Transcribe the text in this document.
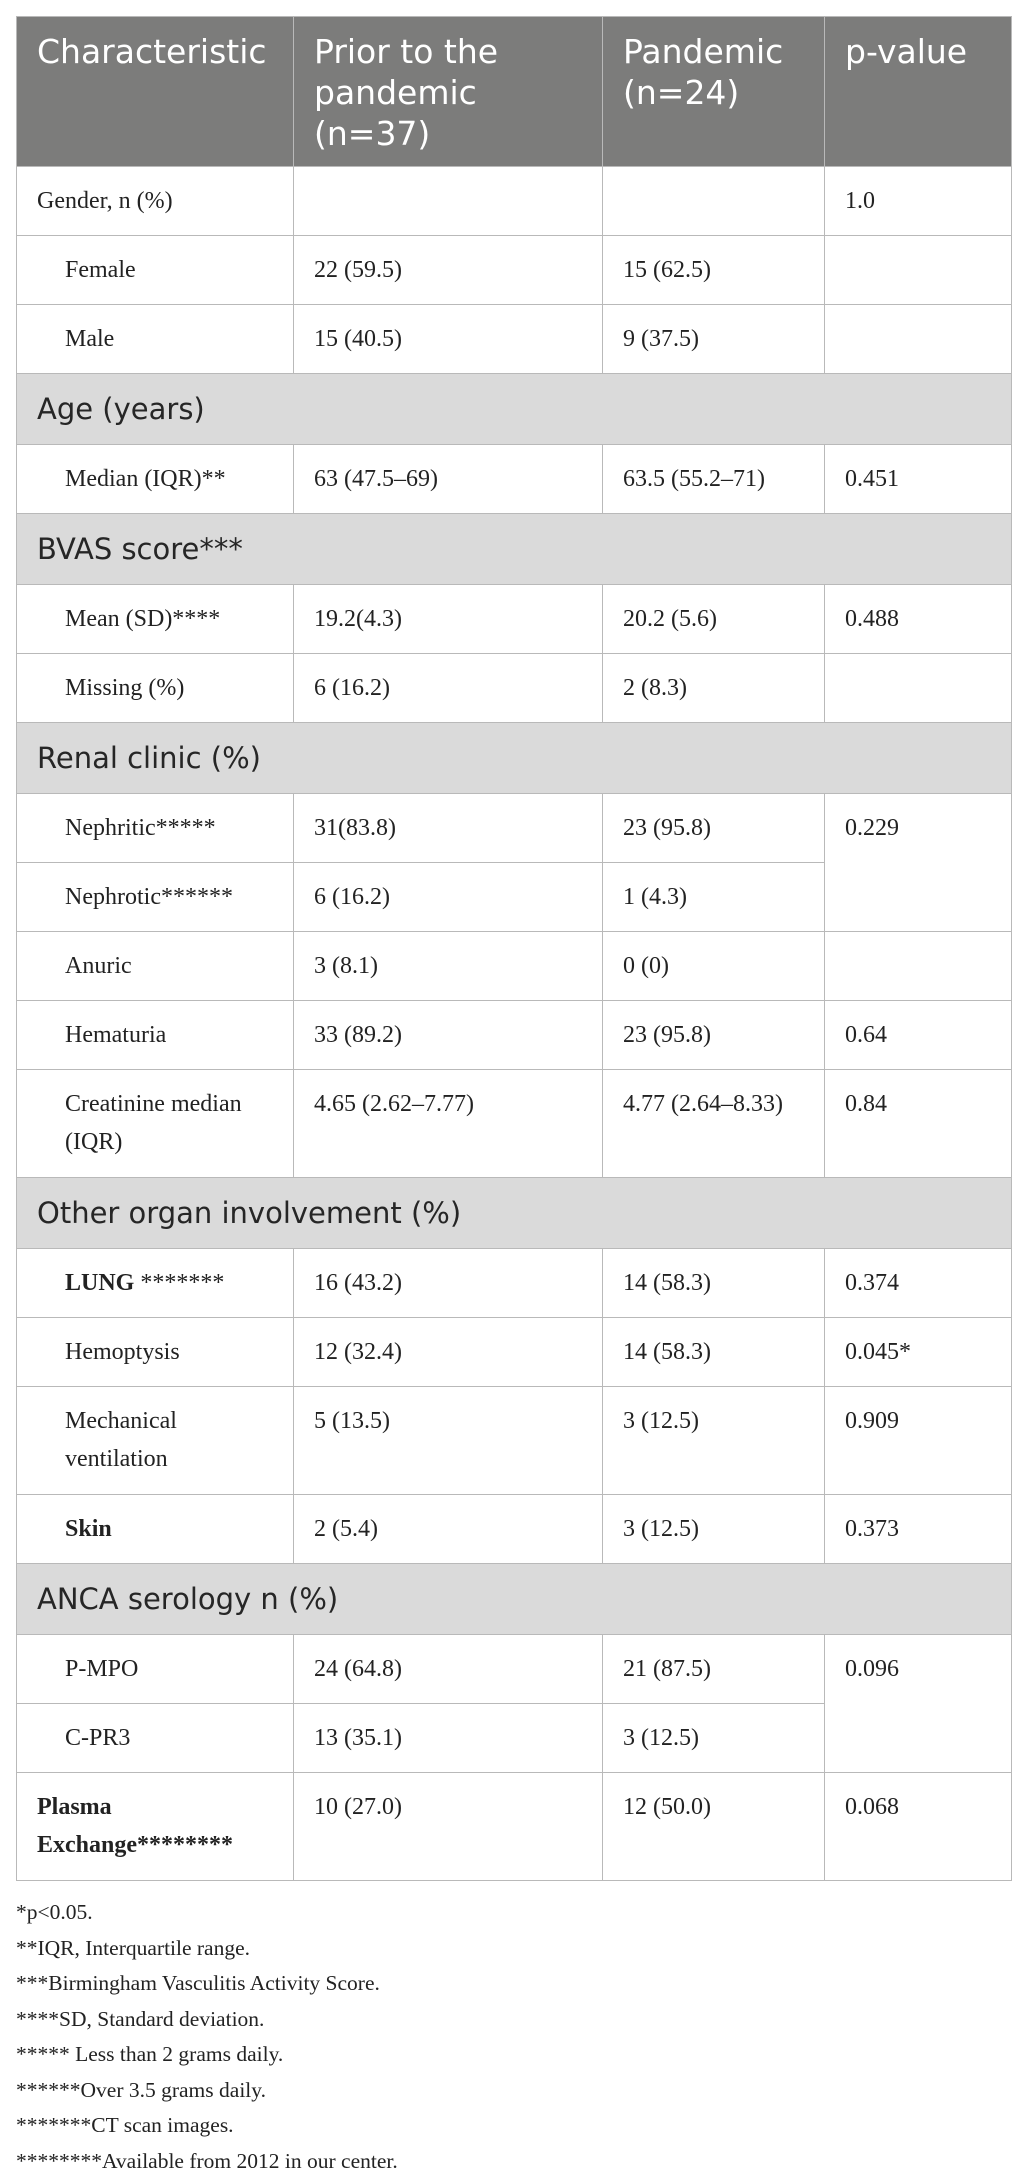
Characteristic	Prior to the pandemic (n=37)	Pandemic (n=24)	p-value
Gender, n (%)			1.0
Female	22 (59.5)	15 (62.5)	
Male	15 (40.5)	9 (37.5)	
Age (years)			
Median (IQR)**	63 (47.5–69)	63.5 (55.2–71)	0.451
BVAS score***			
Mean (SD)****	19.2(4.3)	20.2 (5.6)	0.488
Missing (%)	6 (16.2)	2 (8.3)	
Renal clinic (%)			
Nephritic*****	31(83.8)	23 (95.8)	0.229
Nephrotic******	6 (16.2)	1 (4.3)	
Anuric	3 (8.1)	0 (0)	
Hematuria	33 (89.2)	23 (95.8)	0.64
Creatinine median (IQR)	4.65 (2.62–7.77)	4.77 (2.64–8.33)	0.84
Other organ involvement (%)			
LUNG *******	16 (43.2)	14 (58.3)	0.374
Hemoptysis	12 (32.4)	14 (58.3)	0.045*
Mechanical ventilation	5 (13.5)	3 (12.5)	0.909
Skin	2 (5.4)	3 (12.5)	0.373
ANCA serology n (%)			
P-MPO	24 (64.8)	21 (87.5)	0.096
C-PR3	13 (35.1)	3 (12.5)	
Plasma Exchange********	10 (27.0)	12 (50.0)	0.068
*p<0.05.
**IQR, Interquartile range.
***Birmingham Vasculitis Activity Score.
****SD, Standard deviation.
***** Less than 2 grams daily.
******Over 3.5 grams daily.
*******CT scan images.
********Available from 2012 in our center.
